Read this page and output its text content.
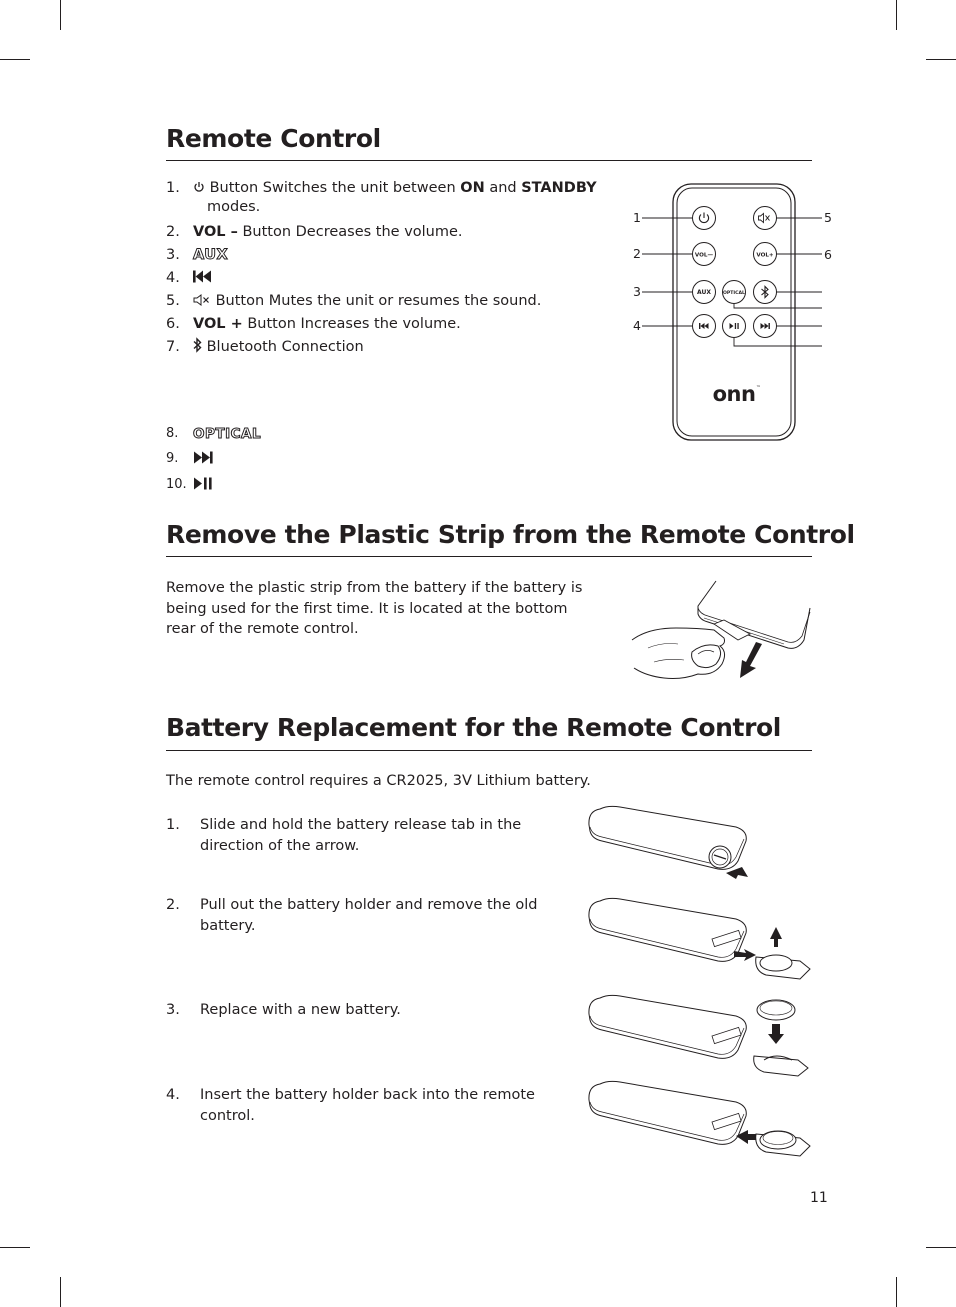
Remote Control
1.	Button Switches the unit between ON and STANDBY
modes.
2. VOL – Button Decreases the volume.
3. AUX
4.
5.	Button Mutes the unit or resumes the sound.
6. VOL + Button Increases the volume.
7.	Bluetooth Connection
8. OPTICAL
9.
10.
1
2
3
4
5
6
VOL—	VOL+
AUX	OPTICAL
onn ™
Remove the Plastic Strip from the Remote Control

Remove the plastic strip from the battery if the battery is being used for the first time. It is located at the bottom rear of the remote control.

Battery Replacement for the Remote Control

The remote control requires a CR2025, 3V Lithium battery.

1. Slide and hold the battery release tab in the direction of the arrow.

2. Pull out the battery holder and remove the old battery.

3. Replace with a new battery.

4. Insert the battery holder back into the remote control.

11
